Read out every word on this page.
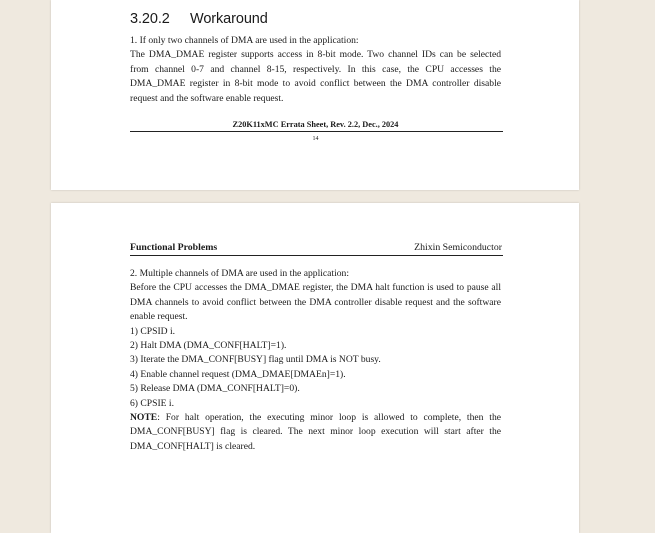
3.20.2 Workaround

1. If only two channels of DMA are used in the application:

The DMA_DMAE register supports access in 8-bit mode. Two channel IDs can be selected from channel 0-7 and channel 8-15, respectively. In this case, the CPU accesses the DMA_DMAE register in 8-bit mode to avoid conflict between the DMA controller disable request and the software enable request.

Z20K11xMC Errata Sheet, Rev. 2.2, Dec., 2024
14
Functional Problems	Zhixin Semiconductor

2. Multiple channels of DMA are used in the application:

Before the CPU accesses the DMA_DMAE register, the DMA halt function is used to pause all DMA channels to avoid conflict between the DMA controller disable request and the software enable request.

1) CPSID i.

2) Halt DMA (DMA_CONF[HALT]=1).

3) Iterate the DMA_CONF[BUSY] flag until DMA is NOT busy.

4) Enable channel request (DMA_DMAE[DMAEn]=1).

5) Release DMA (DMA_CONF[HALT]=0).

6) CPSIE i.

NOTE: For halt operation, the executing minor loop is allowed to complete, then the DMA_CONF[BUSY] flag is cleared. The next minor loop execution will start after the DMA_CONF[HALT] is cleared.
